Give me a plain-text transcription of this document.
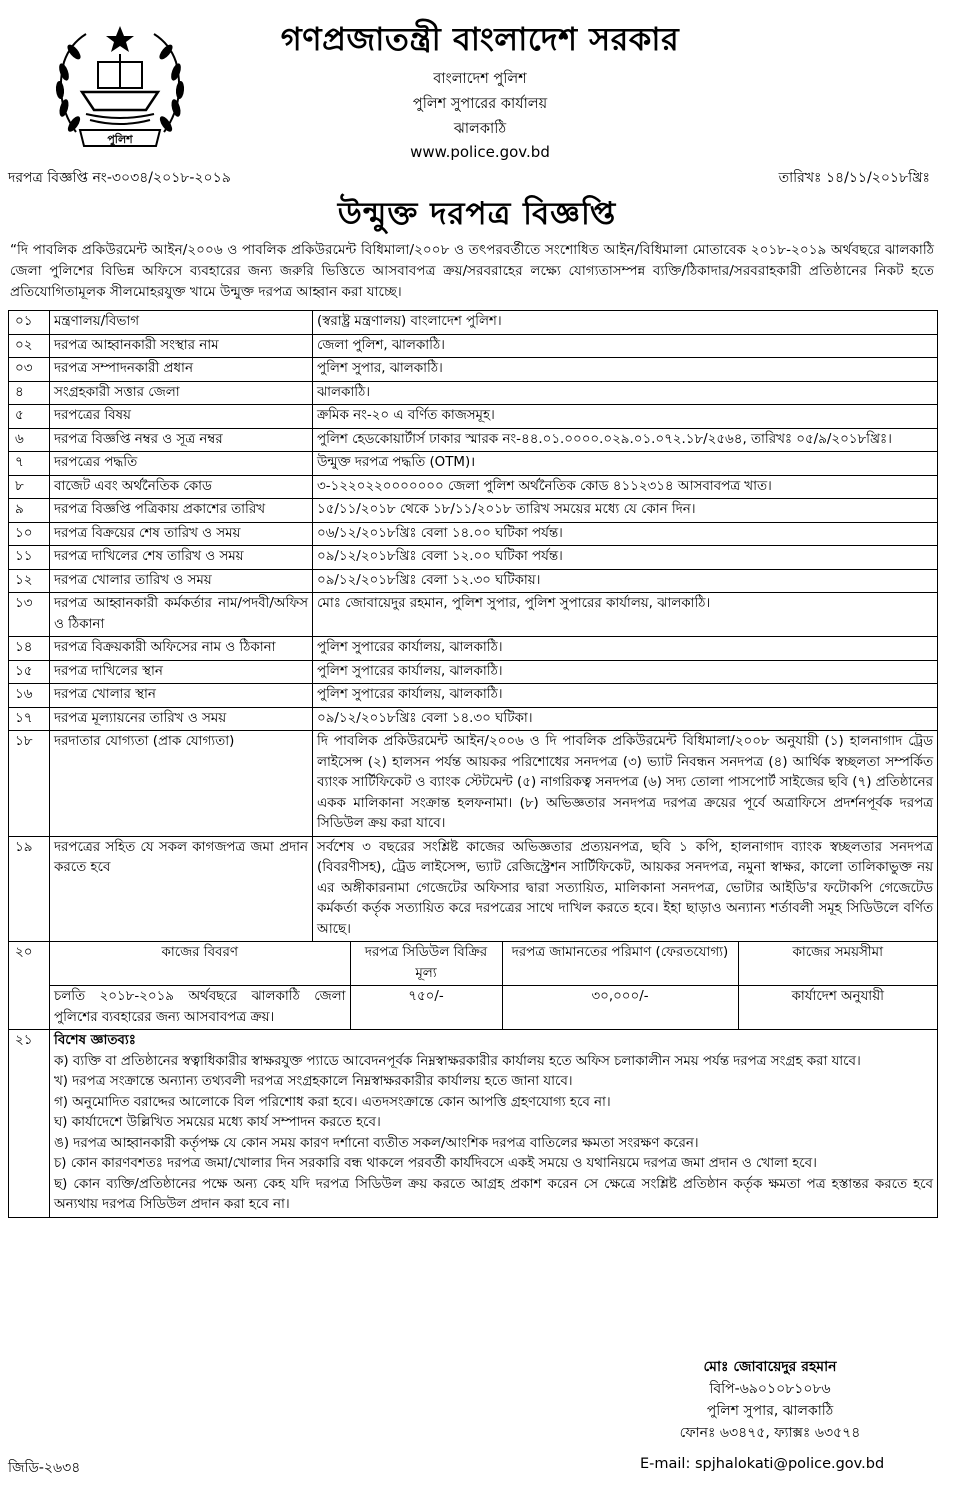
পুলিশ
গণপ্রজাতন্ত্রী বাংলাদেশ সরকার
বাংলাদেশ পুলিশ
পুলিশ সুপারের কার্যালয়
ঝালকাঠি
www.police.gov.bd
দরপত্র বিজ্ঞপ্তি নং-৩০৩৪/২০১৮-২০১৯	তারিখঃ ১৪/১১/২০১৮খ্রিঃ
উন্মুক্ত দরপত্র বিজ্ঞপ্তি
“দি পাবলিক প্রকিউরমেন্ট আইন/২০০৬ ও পাবলিক প্রকিউরমেন্ট বিধিমালা/২০০৮ ও তৎপরবর্তীতে সংশোধিত আইন/বিধিমালা মোতাবেক ২০১৮-২০১৯ অর্থবছরে ঝালকাঠি জেলা পুলিশের বিভিন্ন অফিসে ব্যবহারের জন্য জরুরি ভিত্তিতে আসবাবপত্র ক্রয়/সরবরাহের লক্ষ্যে যোগ্যতাসম্পন্ন ব্যক্তি/ঠিকাদার/সরবরাহকারী প্রতিষ্ঠানের নিকট হতে প্রতিযোগিতামূলক সীলমোহরযুক্ত খামে উন্মুক্ত দরপত্র আহ্বান করা যাচ্ছে।
০১	মন্ত্রণালয়/বিভাগ	(স্বরাষ্ট্র মন্ত্রণালয়) বাংলাদেশ পুলিশ।
০২	দরপত্র আহ্বানকারী সংস্থার নাম	জেলা পুলিশ, ঝালকাঠি।
০৩	দরপত্র সম্পাদনকারী প্রধান	পুলিশ সুপার, ঝালকাঠি।
৪	সংগ্রহকারী সত্তার জেলা	ঝালকাঠি।
৫	দরপত্রের বিষয়	ক্রমিক নং-২০ এ বর্ণিত কাজসমূহ।
৬	দরপত্র বিজ্ঞপ্তি নম্বর ও সূত্র নম্বর	পুলিশ হেডকোয়ার্টার্স ঢাকার স্মারক নং-৪৪.০১.০০০০.০২৯.০১.০৭২.১৮/২৫৬৪, তারিখঃ ০৫/৯/২০১৮খ্রিঃ।
৭	দরপত্রের পদ্ধতি	উন্মুক্ত দরপত্র পদ্ধতি (OTM)।
৮	বাজেট এবং অর্থনৈতিক কোড	৩-১২২০২২০০০০০০০ জেলা পুলিশ অর্থনৈতিক কোড ৪১১২৩১৪ আসবাবপত্র খাত।
৯	দরপত্র বিজ্ঞপ্তি পত্রিকায় প্রকাশের তারিখ	১৫/১১/২০১৮ থেকে ১৮/১১/২০১৮ তারিখ সময়ের মধ্যে যে কোন দিন।
১০	দরপত্র বিক্রয়ের শেষ তারিখ ও সময়	০৬/১২/২০১৮খ্রিঃ বেলা ১৪.০০ ঘটিকা পর্যন্ত।
১১	দরপত্র দাখিলের শেষ তারিখ ও সময়	০৯/১২/২০১৮খ্রিঃ বেলা ১২.০০ ঘটিকা পর্যন্ত।
১২	দরপত্র খোলার তারিখ ও সময়	০৯/১২/২০১৮খ্রিঃ বেলা ১২.৩০ ঘটিকায়।
১৩	দরপত্র আহ্বানকারী কর্মকর্তার নাম/পদবী/অফিস ও ঠিকানা	মোঃ জোবায়েদুর রহমান, পুলিশ সুপার, পুলিশ সুপারের কার্যালয়, ঝালকাঠি।
১৪	দরপত্র বিক্রয়কারী অফিসের নাম ও ঠিকানা	পুলিশ সুপারের কার্যালয়, ঝালকাঠি।
১৫	দরপত্র দাখিলের স্থান	পুলিশ সুপারের কার্যালয়, ঝালকাঠি।
১৬	দরপত্র খোলার স্থান	পুলিশ সুপারের কার্যালয়, ঝালকাঠি।
১৭	দরপত্র মূল্যায়নের তারিখ ও সময়	০৯/১২/২০১৮খ্রিঃ বেলা ১৪.৩০ ঘটিকা।
১৮	দরদাতার যোগ্যতা (প্রাক যোগ্যতা)	দি পাবলিক প্রকিউরমেন্ট আইন/২০০৬ ও দি পাবলিক প্রকিউরমেন্ট বিধিমালা/২০০৮ অনুযায়ী (১) হালনাগাদ ট্রেড লাইসেন্স (২) হালসন পর্যন্ত আয়কর পরিশোধের সনদপত্র (৩) ভ্যাট নিবন্ধন সনদপত্র (৪) আর্থিক স্বচ্ছলতা সম্পর্কিত ব্যাংক সার্টিফিকেট ও ব্যাংক স্টেটমেন্ট (৫) নাগরিকত্ব সনদপত্র (৬) সদ্য তোলা পাসপোর্ট সাইজের ছবি (৭) প্রতিষ্ঠানের একক মালিকানা সংক্রান্ত হলফনামা। (৮) অভিজ্ঞতার সনদপত্র দরপত্র ক্রয়ের পূর্বে অত্রাফিসে প্রদর্শনপূর্বক দরপত্র সিডিউল ক্রয় করা যাবে।
১৯	দরপত্রের সহিত যে সকল কাগজপত্র জমা প্রদান করতে হবে	সর্বশেষ ৩ বছরের সংশ্লিষ্ট কাজের অভিজ্ঞতার প্রত্যয়নপত্র, ছবি ১ কপি, হালনাগাদ ব্যাংক স্বচ্ছলতার সনদপত্র (বিবরণীসহ), ট্রেড লাইসেন্স, ভ্যাট রেজিস্ট্রেশন সার্টিফিকেট, আয়কর সনদপত্র, নমুনা স্বাক্ষর, কালো তালিকাভুক্ত নয় এর অঙ্গীকারনামা গেজেটের অফিসার দ্বারা সত্যায়িত, মালিকানা সনদপত্র, ভোটার আইডি'র ফটোকপি গেজেটেড কর্মকর্তা কর্তৃক সত্যায়িত করে দরপত্রের সাথে দাখিল করতে হবে। ইহা ছাড়াও অন্যান্য শর্তাবলী সমূহ সিডিউলে বর্ণিত আছে।
২০		কাজের বিবরণ	দরপত্র সিডিউল বিক্রির মূল্য	দরপত্র জামানতের পরিমাণ (ফেরতযোগ্য)	কাজের সময়সীমা
চলতি ২০১৮-২০১৯ অর্থবছরে ঝালকাঠি জেলা পুলিশের ব্যবহারের জন্য আসবাবপত্র ক্রয়।	৭৫০/-	৩০,০০০/-	কার্যাদেশ অনুযায়ী

২১	বিশেষ জ্ঞাতব্যঃ
ক) ব্যক্তি বা প্রতিষ্ঠানের স্বত্বাধিকারীর স্বাক্ষরযুক্ত প্যাডে আবেদনপূর্বক নিম্নস্বাক্ষরকারীর কার্যালয় হতে অফিস চলাকালীন সময় পর্যন্ত দরপত্র সংগ্রহ করা যাবে।
খ) দরপত্র সংক্রান্তে অন্যান্য তথ্যবলী দরপত্র সংগ্রহকালে নিম্নস্বাক্ষরকারীর কার্যালয় হতে জানা যাবে।
গ) অনুমোদিত বরাদ্দের আলোকে বিল পরিশোধ করা হবে। এতদসংক্রান্তে কোন আপত্তি গ্রহণযোগ্য হবে না।
ঘ) কার্যাদেশে উল্লিখিত সময়ের মধ্যে কার্য সম্পাদন করতে হবে।
ঙ) দরপত্র আহ্বানকারী কর্তৃপক্ষ যে কোন সময় কারণ দর্শানো ব্যতীত সকল/আংশিক দরপত্র বাতিলের ক্ষমতা সংরক্ষণ করেন।
চ) কোন কারণবশতঃ দরপত্র জমা/খোলার দিন সরকারি বন্ধ থাকলে পরবর্তী কার্যদিবসে একই সময়ে ও যথানিয়মে দরপত্র জমা প্রদান ও খোলা হবে।
ছ) কোন ব্যক্তি/প্রতিষ্ঠানের পক্ষে অন্য কেহ যদি দরপত্র সিডিউল ক্রয় করতে আগ্রহ প্রকাশ করেন সে ক্ষেত্রে সংশ্লিষ্ট প্রতিষ্ঠান কর্তৃক ক্ষমতা পত্র হস্তান্তর করতে হবে অন্যথায় দরপত্র সিডিউল প্রদান করা হবে না।
মোঃ জোবায়েদুর রহমান
বিপি-৬৯০১০৮১০৮৬
পুলিশ সুপার, ঝালকাঠি
ফোনঃ ৬৩৪৭৫, ফ্যাক্সঃ ৬৩৫৭৪
জিডি-২৬৩৪	E-mail: spjhalokati@police.gov.bd
